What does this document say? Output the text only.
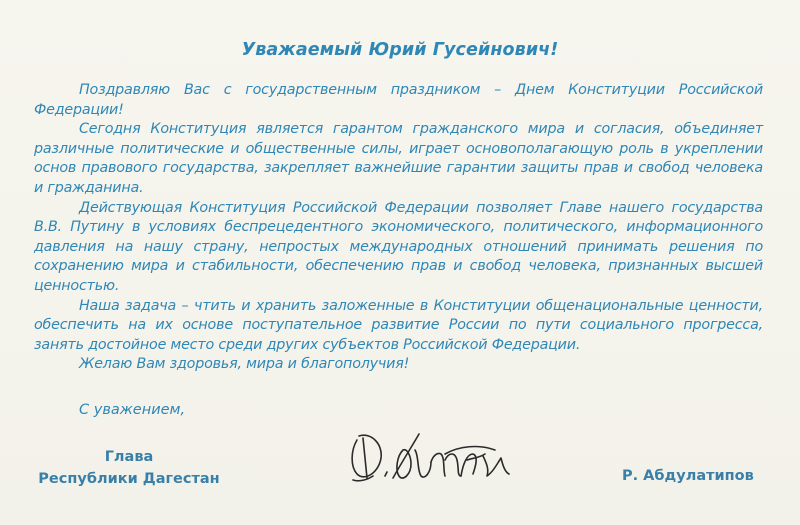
Уважаемый Юрий Гусейнович!

Поздравляю Вас с государственным праздником – Днем Конституции Российской Федерации!

Сегодня Конституция является гарантом гражданского мира и согласия, объединяет различные политические и общественные силы, играет основополагающую роль в укреплении основ правового государства, закрепляет важнейшие гарантии защиты прав и свобод человека и гражданина.

Действующая Конституция Российской Федерации позволяет Главе нашего государства В.В. Путину в условиях беспрецедентного экономического, политического, информационного давления на нашу страну, непростых международных отношений принимать решения по сохранению мира и стабильности, обеспечению прав и свобод человека, признанных высшей ценностью.

Наша задача – чтить и хранить заложенные в Конституции общенациональные ценности, обеспечить на их основе поступательное развитие России по пути социального прогресса, занять достойное место среди других субъектов Российской Федерации.

Желаю Вам здоровья, мира и благополучия!

С уважением,
Глава
Республики Дагестан	Р. Абдулатипов
